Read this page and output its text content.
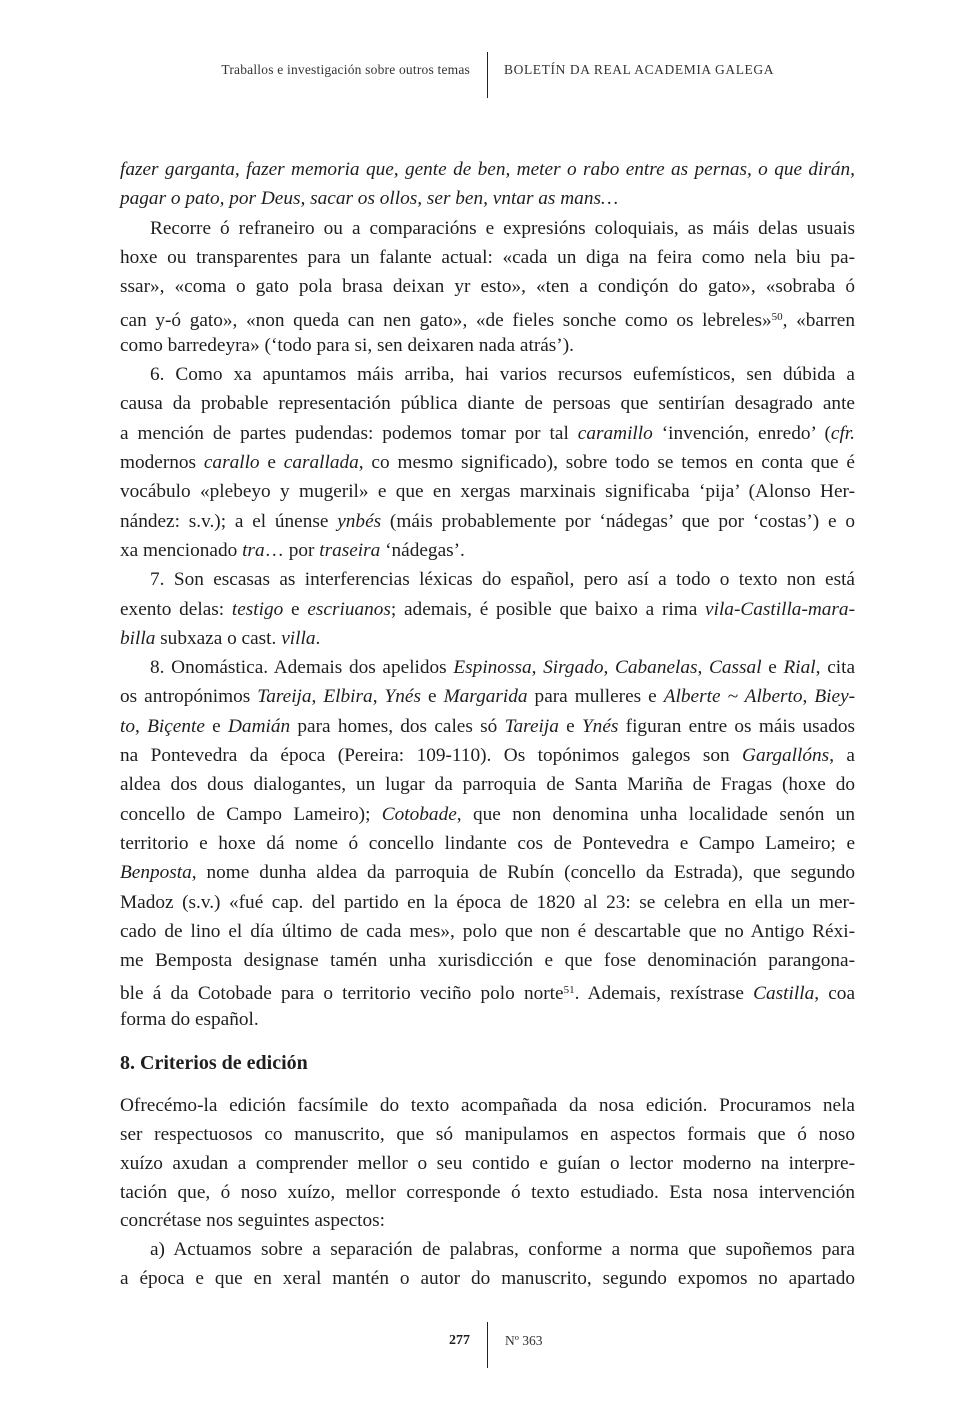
Traballos e investigación sobre outros temas	BOLETÍN DA REAL ACADEMIA GALEGA
fazer garganta, fazer memoria que, gente de ben, meter o rabo entre as pernas, o que dirán,
pagar o pato, por Deus, sacar os ollos, ser ben, vntar as mans…
Recorre ó refraneiro ou a comparacións e expresións coloquiais, as máis delas usuais
hoxe ou transparentes para un falante actual: «cada un diga na feira como nela biu pa-
ssar», «coma o gato pola brasa deixan yr esto», «ten a condiçón do gato», «sobraba ó
can y-ó gato», «non queda can nen gato», «de fieles sonche como os lebreles»$^{50}$, «barren
como barredeyra» (‘todo para si, sen deixaren nada atrás’).
6. Como xa apuntamos máis arriba, hai varios recursos eufemísticos, sen dúbida a
causa da probable representación pública diante de persoas que sentirían desagrado ante
a mención de partes pudendas: podemos tomar por tal caramillo ‘invención, enredo’ (cfr.
modernos carallo e carallada, co mesmo significado), sobre todo se temos en conta que é
vocábulo «plebeyo y mugeril» e que en xergas marxinais significaba ‘pija’ (Alonso Her-
nández: s.v.); a el únense ynbés (máis probablemente por ‘nádegas’ que por ‘costas’) e o
xa mencionado tra… por traseira ‘nádegas’.
7. Son escasas as interferencias léxicas do español, pero así a todo o texto non está
exento delas: testigo e escriuanos; ademais, é posible que baixo a rima vila-Castilla-mara-
billa subxaza o cast. villa.
8. Onomástica. Ademais dos apelidos Espinossa, Sirgado, Cabanelas, Cassal e Rial, cita
os antropónimos Tareija, Elbira, Ynés e Margarida para mulleres e Alberte ~ Alberto, Biey-
to, Biçente e Damián para homes, dos cales só Tareija e Ynés figuran entre os máis usados
na Pontevedra da época (Pereira: 109-110). Os topónimos galegos son Gargallóns, a
aldea dos dous dialogantes, un lugar da parroquia de Santa Mariña de Fragas (hoxe do
concello de Campo Lameiro); Cotobade, que non denomina unha localidade senón un
territorio e hoxe dá nome ó concello lindante cos de Pontevedra e Campo Lameiro; e
Benposta, nome dunha aldea da parroquia de Rubín (concello da Estrada), que segundo
Madoz (s.v.) «fué cap. del partido en la época de 1820 al 23: se celebra en ella un mer-
cado de lino el día último de cada mes», polo que non é descartable que no Antigo Réxi-
me Bemposta designase tamén unha xurisdicción e que fose denominación parangona-
ble á da Cotobade para o territorio veciño polo norte$^{51}$. Ademais, rexístrase Castilla, coa
forma do español.
8. Criterios de edición
Ofrecémo-la edición facsímile do texto acompañada da nosa edición. Procuramos nela
ser respectuosos co manuscrito, que só manipulamos en aspectos formais que ó noso
xuízo axudan a comprender mellor o seu contido e guían o lector moderno na interpre-
tación que, ó noso xuízo, mellor corresponde ó texto estudiado. Esta nosa intervención
concrétase nos seguintes aspectos:
a) Actuamos sobre a separación de palabras, conforme a norma que supoñemos para
a época e que en xeral mantén o autor do manuscrito, segundo expomos no apartado
277	Nº 363
